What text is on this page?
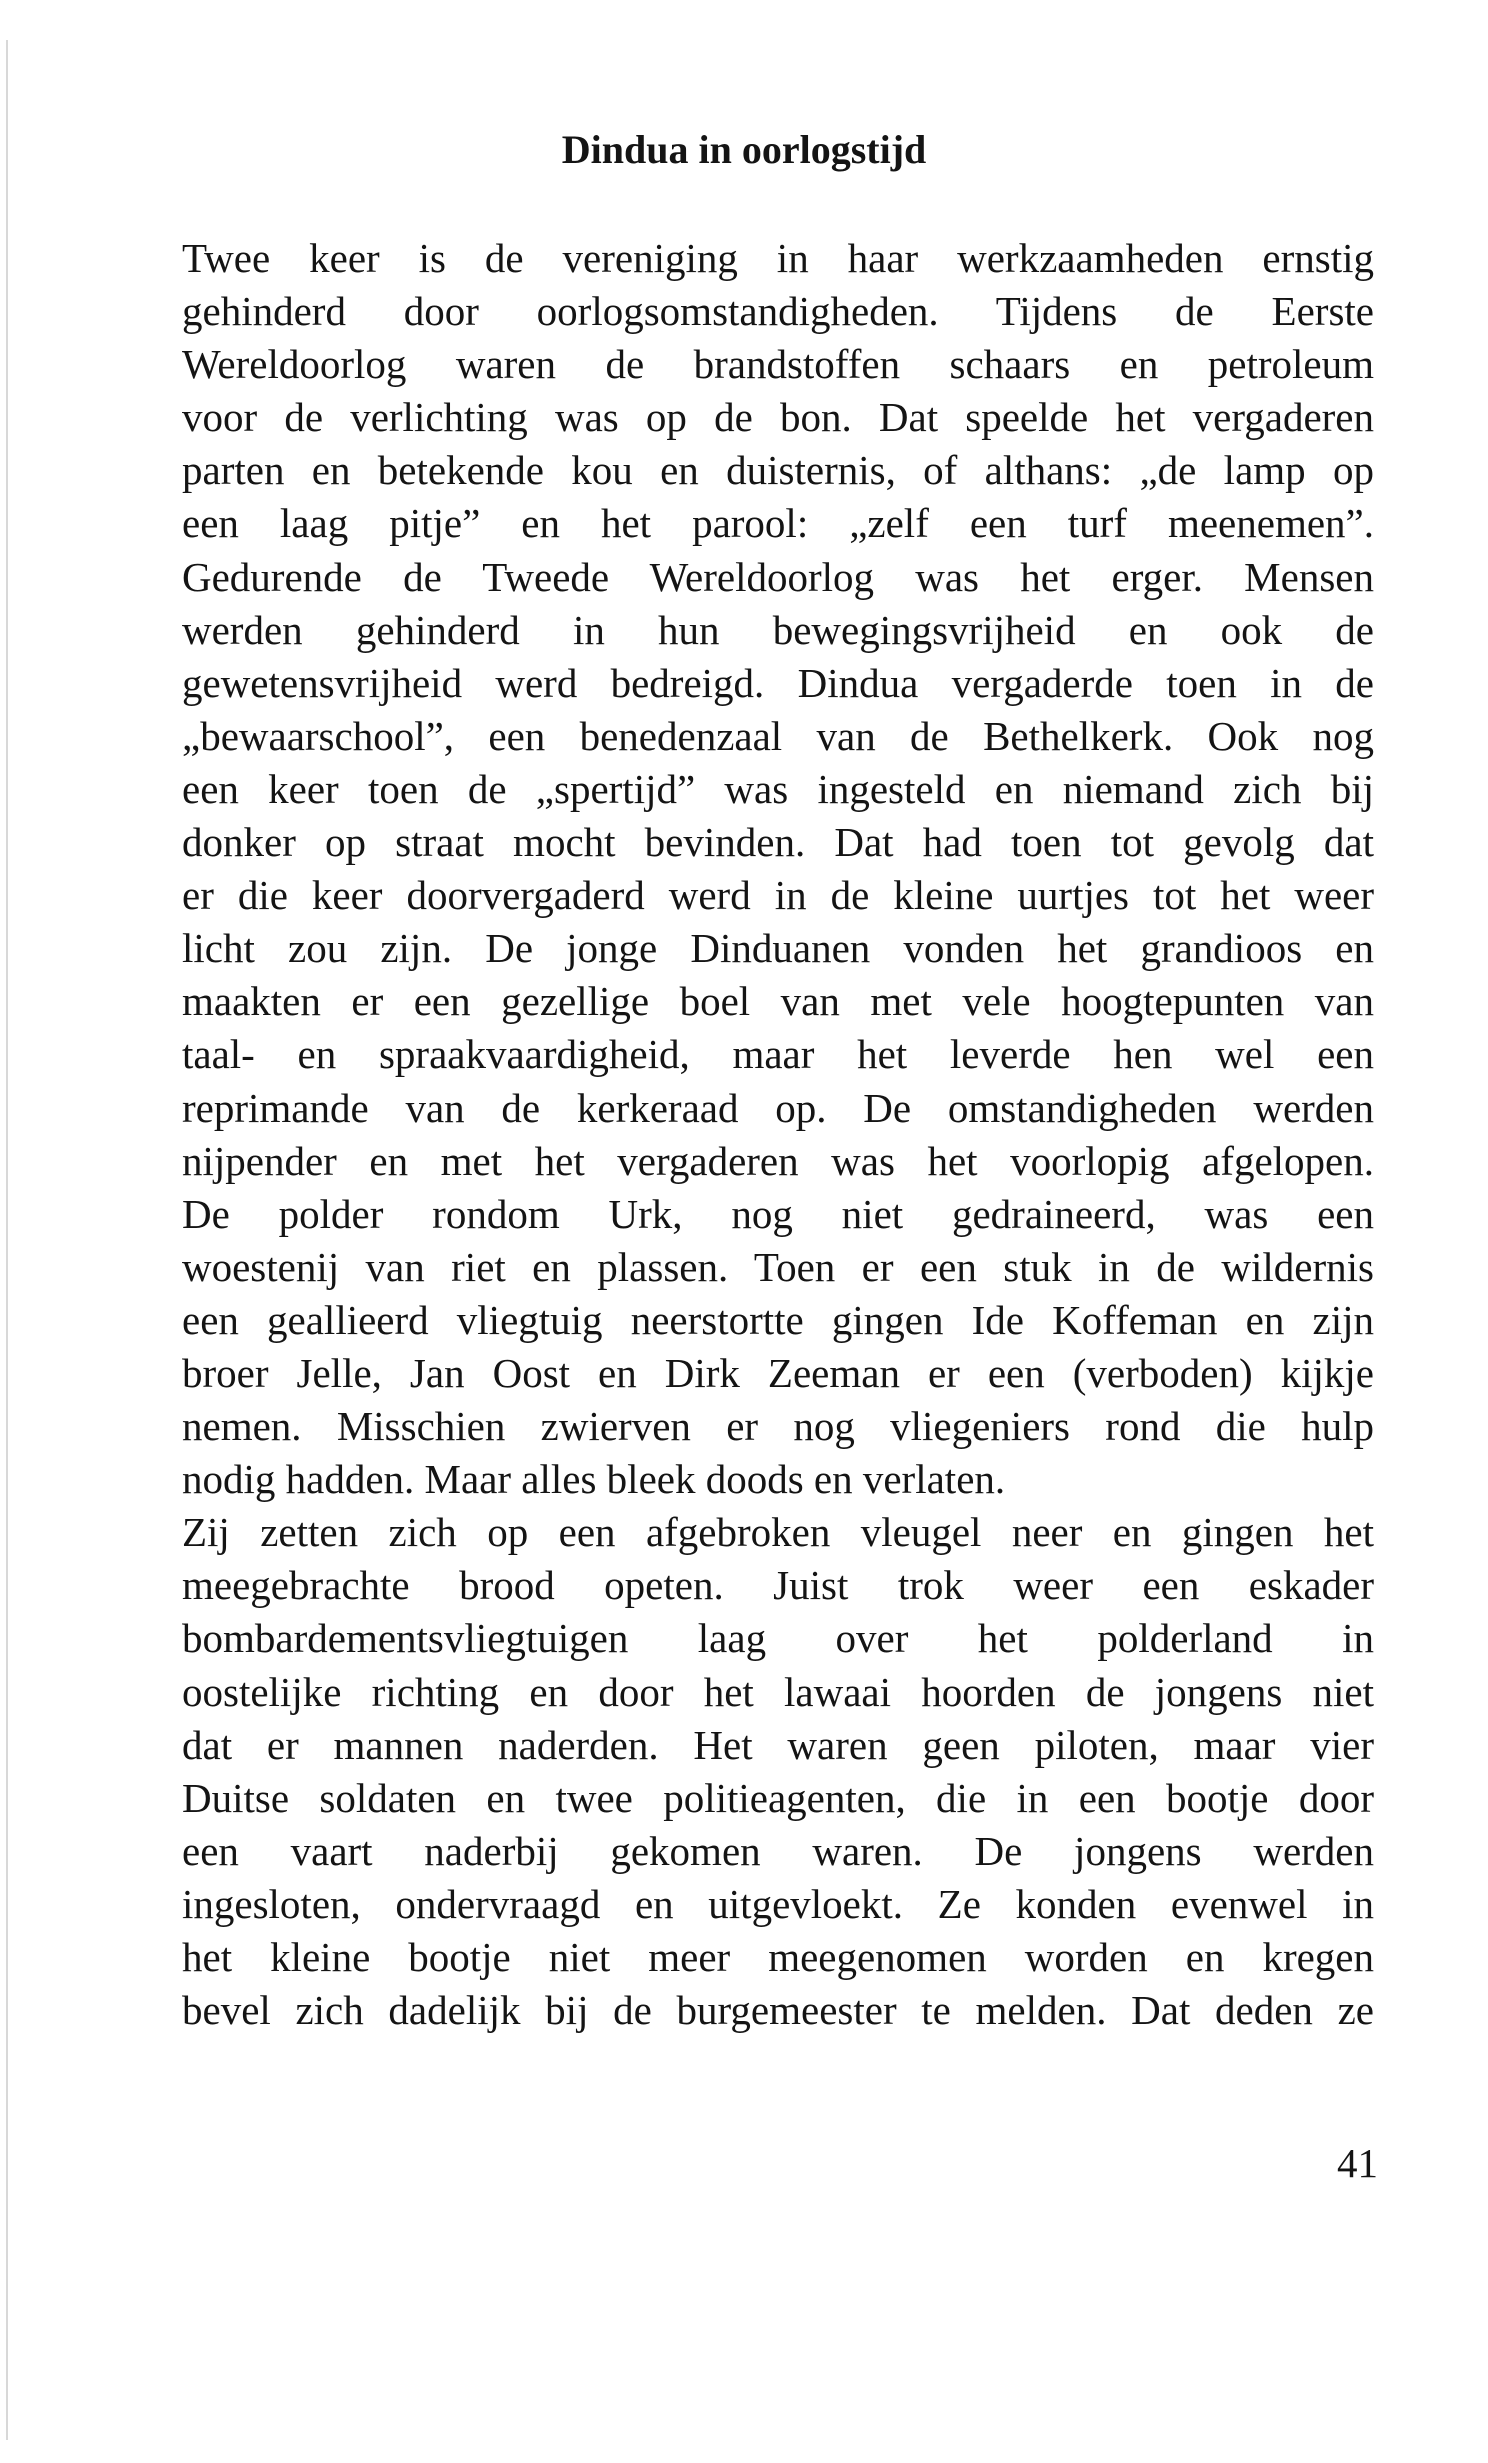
Dindua in oorlogstijd
Twee keer is de vereniging in haar werkzaamheden ernstig
gehinderd door oorlogsomstandigheden. Tijdens de Eerste
Wereldoorlog waren de brandstoffen schaars en petroleum
voor de verlichting was op de bon. Dat speelde het vergaderen
parten en betekende kou en duisternis, of althans: „de lamp op
een laag pitje” en het parool: „zelf een turf meenemen”.
Gedurende de Tweede Wereldoorlog was het erger. Mensen
werden gehinderd in hun bewegingsvrijheid en ook de
gewetensvrijheid werd bedreigd. Dindua vergaderde toen in de
„bewaarschool”, een benedenzaal van de Bethelkerk. Ook nog
een keer toen de „spertijd” was ingesteld en niemand zich bij
donker op straat mocht bevinden. Dat had toen tot gevolg dat
er die keer doorvergaderd werd in de kleine uurtjes tot het weer
licht zou zijn. De jonge Dinduanen vonden het grandioos en
maakten er een gezellige boel van met vele hoogtepunten van
taal- en spraakvaardigheid, maar het leverde hen wel een
reprimande van de kerkeraad op. De omstandigheden werden
nijpender en met het vergaderen was het voorlopig afgelopen.
De polder rondom Urk, nog niet gedraineerd, was een
woestenij van riet en plassen. Toen er een stuk in de wildernis
een geallieerd vliegtuig neerstortte gingen Ide Koffeman en zijn
broer Jelle, Jan Oost en Dirk Zeeman er een (verboden) kijkje
nemen. Misschien zwierven er nog vliegeniers rond die hulp
nodig hadden. Maar alles bleek doods en verlaten.
Zij zetten zich op een afgebroken vleugel neer en gingen het
meegebrachte brood opeten. Juist trok weer een eskader
bombardementsvliegtuigen laag over het polderland in
oostelijke richting en door het lawaai hoorden de jongens niet
dat er mannen naderden. Het waren geen piloten, maar vier
Duitse soldaten en twee politieagenten, die in een bootje door
een vaart naderbij gekomen waren. De jongens werden
ingesloten, ondervraagd en uitgevloekt. Ze konden evenwel in
het kleine bootje niet meer meegenomen worden en kregen
bevel zich dadelijk bij de burgemeester te melden. Dat deden ze
41
